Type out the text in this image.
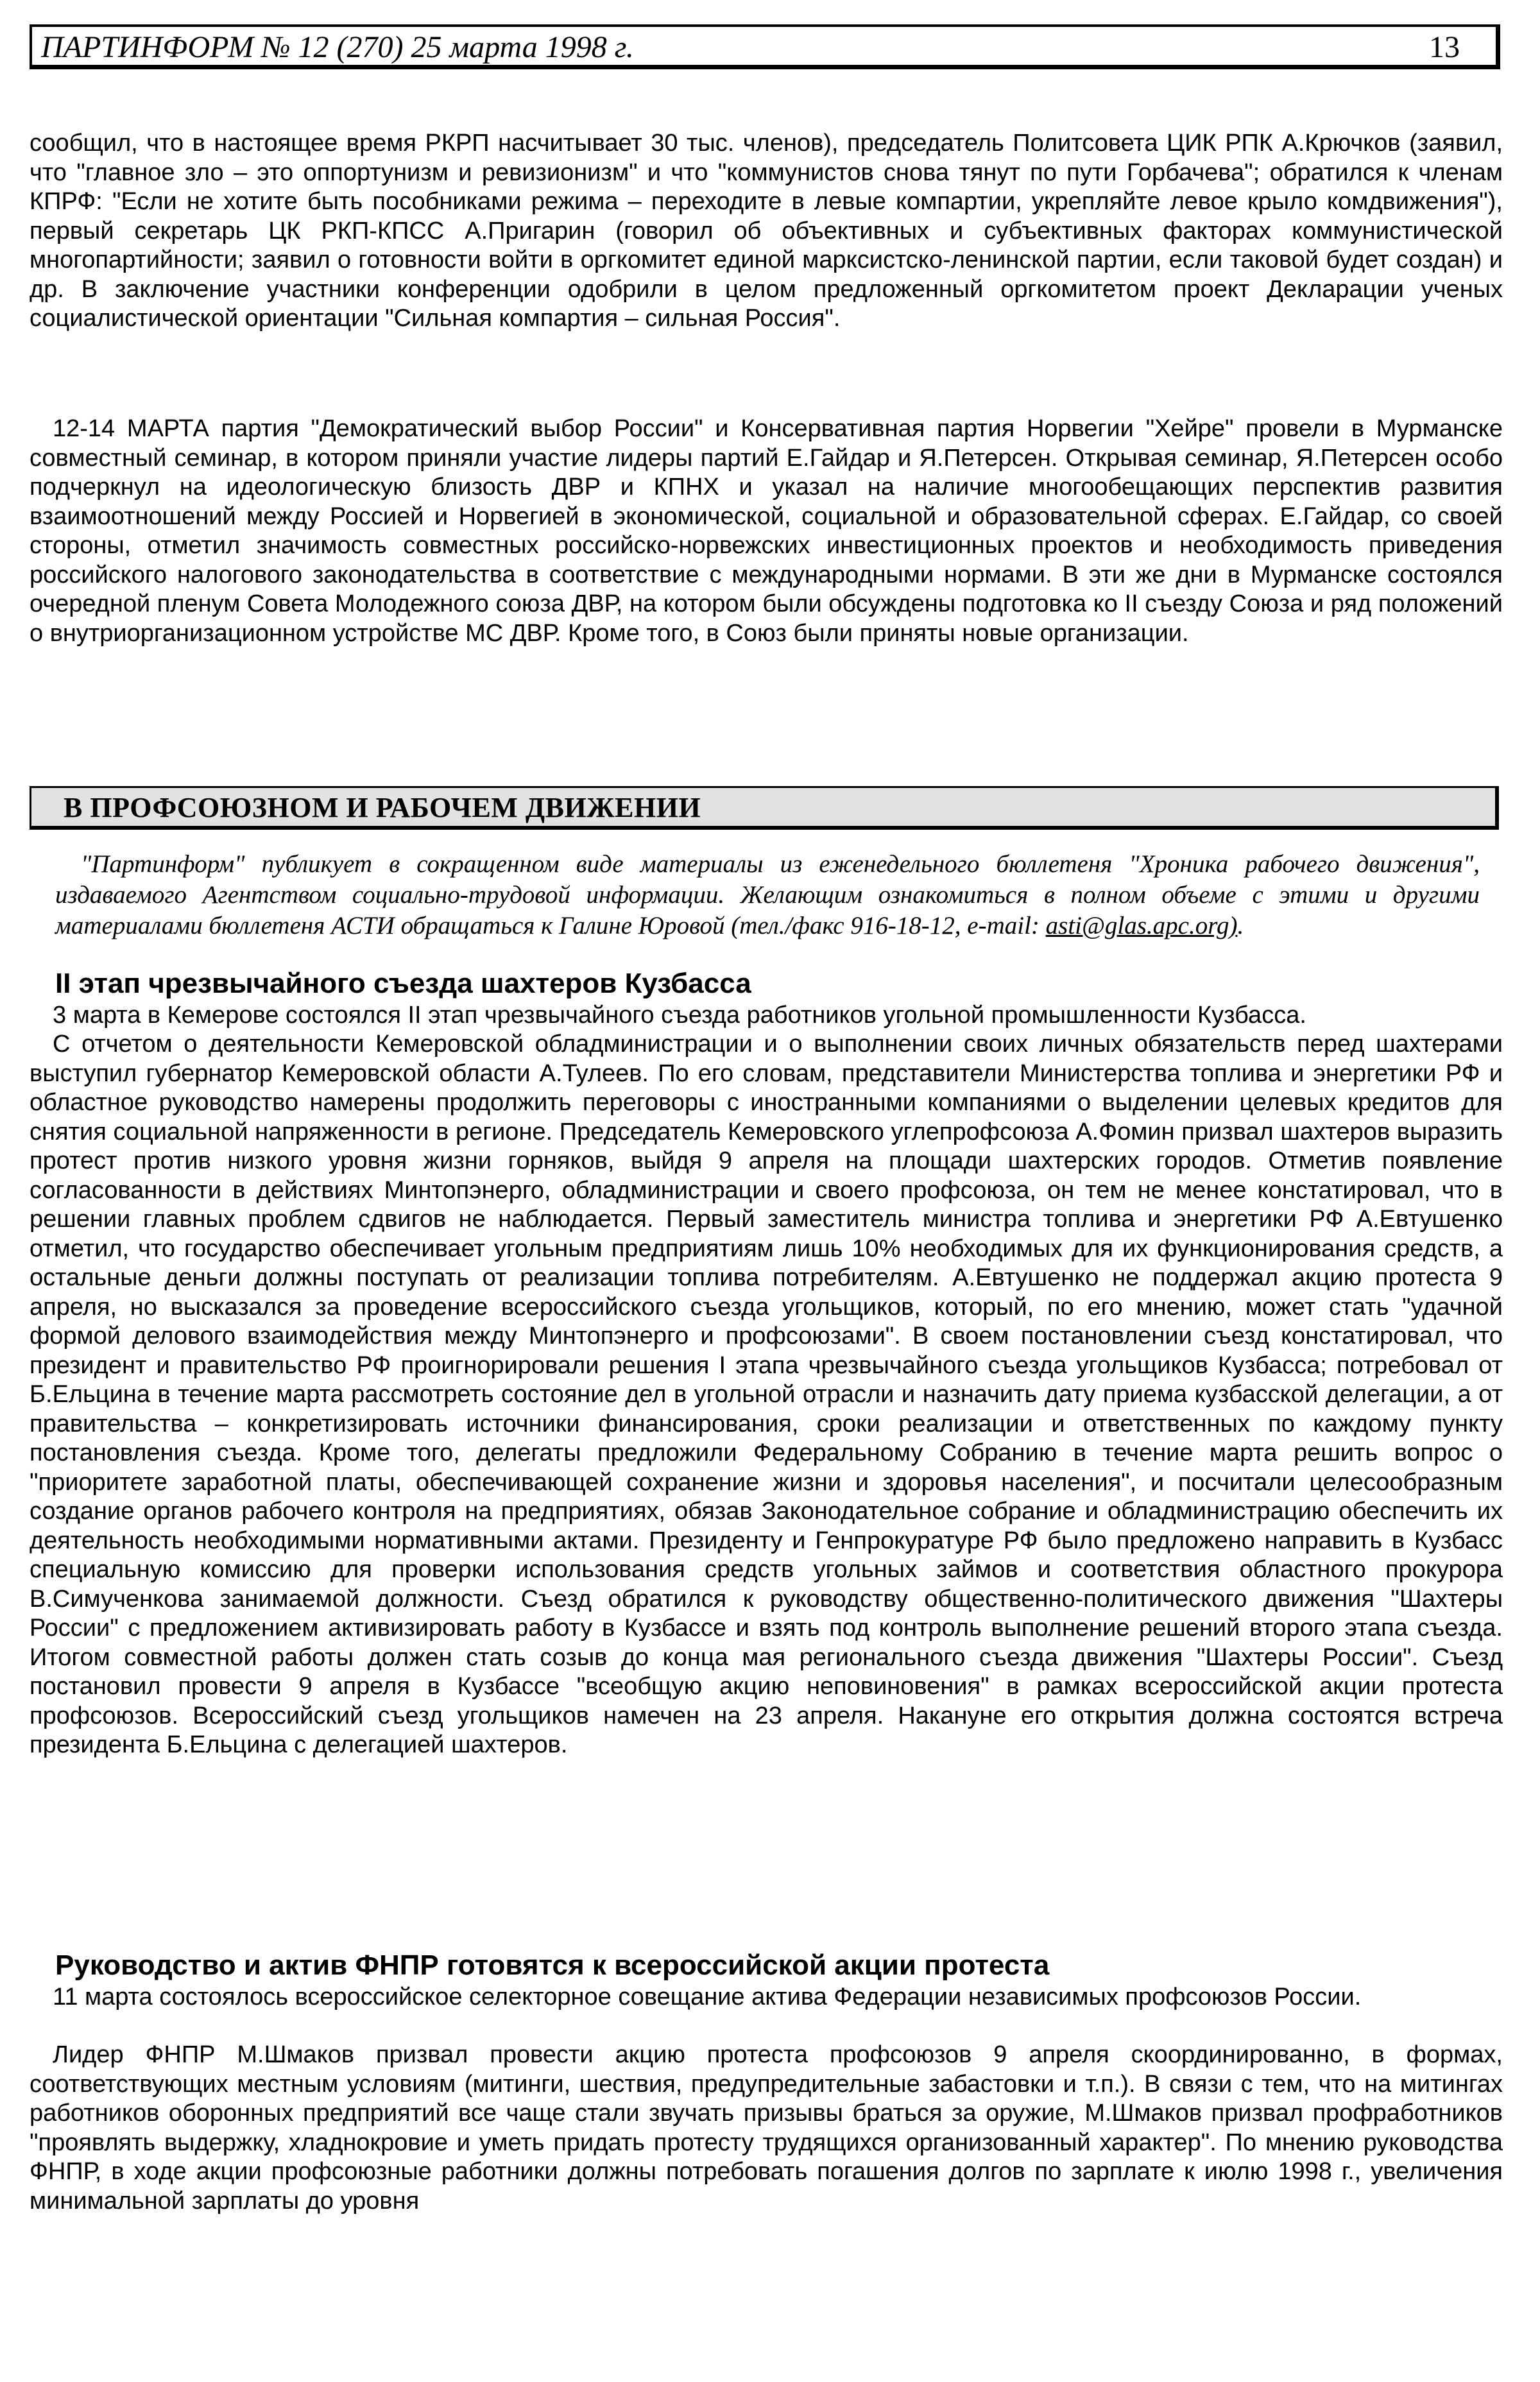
ПАРТИНФОРМ № 12 (270) 25 марта 1998 г.	13

сообщил, что в настоящее время РКРП насчитывает 30 тыс. членов), председатель Политсовета ЦИК РПК А.Крючков (заявил, что "главное зло – это оппортунизм и ревизионизм" и что "коммунистов снова тянут по пути Горбачева"; обратился к членам КПРФ: "Если не хотите быть пособниками режима – переходите в левые компартии, укрепляйте левое крыло комдвижения"), первый секретарь ЦК РКП-КПСС А.Пригарин (говорил об объективных и субъективных факторах коммунистической многопартийности; заявил о готовности войти в оргкомитет единой марксистско-ленинской партии, если таковой будет создан) и др. В заключение участники конференции одобрили в целом предложенный оргкомитетом проект Декларации ученых социалистической ориентации "Сильная компартия – сильная Россия".

12-14 МАРТА партия "Демократический выбор России" и Консервативная партия Норвегии "Хейре" провели в Мурманске совместный семинар, в котором приняли участие лидеры партий Е.Гайдар и Я.Петерсен. Открывая семинар, Я.Петерсен особо подчеркнул на идеологическую близость ДВР и КПНХ и указал на наличие многообещающих перспектив развития взаимоотношений между Россией и Норвегией в экономической, социальной и образовательной сферах. Е.Гайдар, со своей стороны, отметил значимость совместных российско-норвежских инвестиционных проектов и необходимость приведения российского налогового законодательства в соответствие с международными нормами. В эти же дни в Мурманске состоялся очередной пленум Совета Молодежного союза ДВР, на котором были обсуждены подготовка ко II съезду Союза и ряд положений о внутриорганизационном устройстве МС ДВР. Кроме того, в Союз были приняты новые организации.

В ПРОФСОЮЗНОМ И РАБОЧЕМ ДВИЖЕНИИ

"Партинформ" публикует в сокращенном виде материалы из еженедельного бюллетеня "Хроника рабочего движения", издаваемого Агентством социально-трудовой информации. Желающим ознакомиться в полном объеме с этими и другими материалами бюллетеня АСТИ обращаться к Галине Юровой (тел./факс 916-18-12, e-mail: asti@glas.apc.org).

II этап чрезвычайного съезда шахтеров Кузбасса

3 марта в Кемерове состоялся II этап чрезвычайного съезда работников угольной промышленности Кузбасса.

С отчетом о деятельности Кемеровской обладминистрации и о выполнении своих личных обязательств перед шахтерами выступил губернатор Кемеровской области А.Тулеев. По его словам, представители Министерства топлива и энергетики РФ и областное руководство намерены продолжить переговоры с иностранными компаниями о выделении целевых кредитов для снятия социальной напряженности в регионе. Председатель Кемеровского углепрофсоюза А.Фомин призвал шахтеров выразить протест против низкого уровня жизни горняков, выйдя 9 апреля на площади шахтерских городов. Отметив появление согласованности в действиях Минтопэнерго, обладминистрации и своего профсоюза, он тем не менее констатировал, что в решении главных проблем сдвигов не наблюдается. Первый заместитель министра топлива и энергетики РФ А.Евтушенко отметил, что государство обеспечивает угольным предприятиям лишь 10% необходимых для их функционирования средств, а остальные деньги должны поступать от реализации топлива потребителям. А.Евтушенко не поддержал акцию протеста 9 апреля, но высказался за проведение всероссийского съезда угольщиков, который, по его мнению, может стать "удачной формой делового взаимодействия между Минтопэнерго и профсоюзами". В своем постановлении съезд констатировал, что президент и правительство РФ проигнорировали решения I этапа чрезвычайного съезда угольщиков Кузбасса; потребовал от Б.Ельцина в течение марта рассмотреть состояние дел в угольной отрасли и назначить дату приема кузбасской делегации, а от правительства – конкретизировать источники финансирования, сроки реализации и ответственных по каждому пункту постановления съезда. Кроме того, делегаты предложили Федеральному Собранию в течение марта решить вопрос о "приоритете заработной платы, обеспечивающей сохранение жизни и здоровья населения", и посчитали целесообразным создание органов рабочего контроля на предприятиях, обязав Законодательное собрание и обладминистрацию обеспечить их деятельность необходимыми нормативными актами. Президенту и Генпрокуратуре РФ было предложено направить в Кузбасс специальную комиссию для проверки использования средств угольных займов и соответствия областного прокурора В.Симученкова занимаемой должности. Съезд обратился к руководству общественно-политического движения "Шахтеры России" с предложением активизировать работу в Кузбассе и взять под контроль выполнение решений второго этапа съезда. Итогом совместной работы должен стать созыв до конца мая регионального съезда движения "Шахтеры России". Съезд постановил провести 9 апреля в Кузбассе "всеобщую акцию неповиновения" в рамках всероссийской акции протеста профсоюзов. Всероссийский съезд угольщиков намечен на 23 апреля. Накануне его открытия должна состоятся встреча президента Б.Ельцина с делегацией шахтеров.

Руководство и актив ФНПР готовятся к всероссийской акции протеста

11 марта состоялось всероссийское селекторное совещание актива Федерации независимых профсоюзов России.

Лидер ФНПР М.Шмаков призвал провести акцию протеста профсоюзов 9 апреля скоординированно, в формах, соответствующих местным условиям (митинги, шествия, предупредительные забастовки и т.п.). В связи с тем, что на митингах работников оборонных предприятий все чаще стали звучать призывы браться за оружие, М.Шмаков призвал профработников "проявлять выдержку, хладнокровие и уметь придать протесту трудящихся организованный характер". По мнению руководства ФНПР, в ходе акции профсоюзные работники должны потребовать погашения долгов по зарплате к июлю 1998 г., увеличения минимальной зарплаты до уровня
